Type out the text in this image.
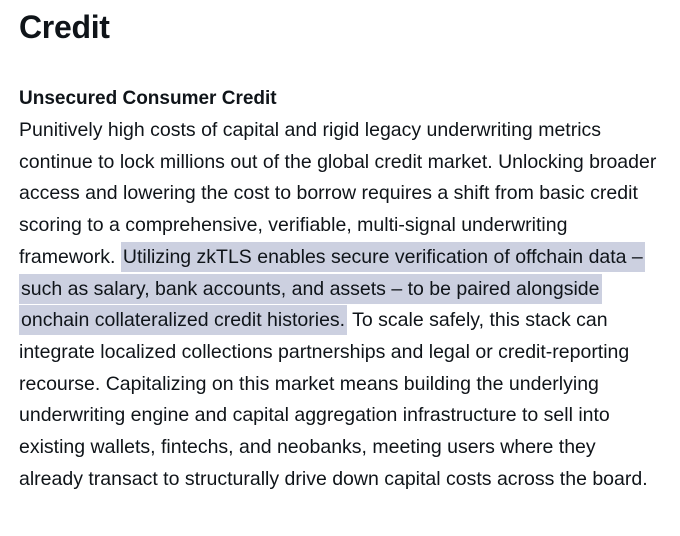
Credit
Unsecured Consumer Credit

Punitively high costs of capital and rigid legacy underwriting metrics continue to lock millions out of the global credit market. Unlocking broader access and lowering the cost to borrow requires a shift from basic credit scoring to a comprehensive, verifiable, multi-signal underwriting framework. Utilizing zkTLS enables secure verification of offchain data – such as salary, bank accounts, and assets – to be paired alongside onchain collateralized credit histories. To scale safely, this stack can integrate localized collections partnerships and legal or credit-reporting recourse. Capitalizing on this market means building the underlying underwriting engine and capital aggregation infrastructure to sell into existing wallets, fintechs, and neobanks, meeting users where they already transact to structurally drive down capital costs across the board.
